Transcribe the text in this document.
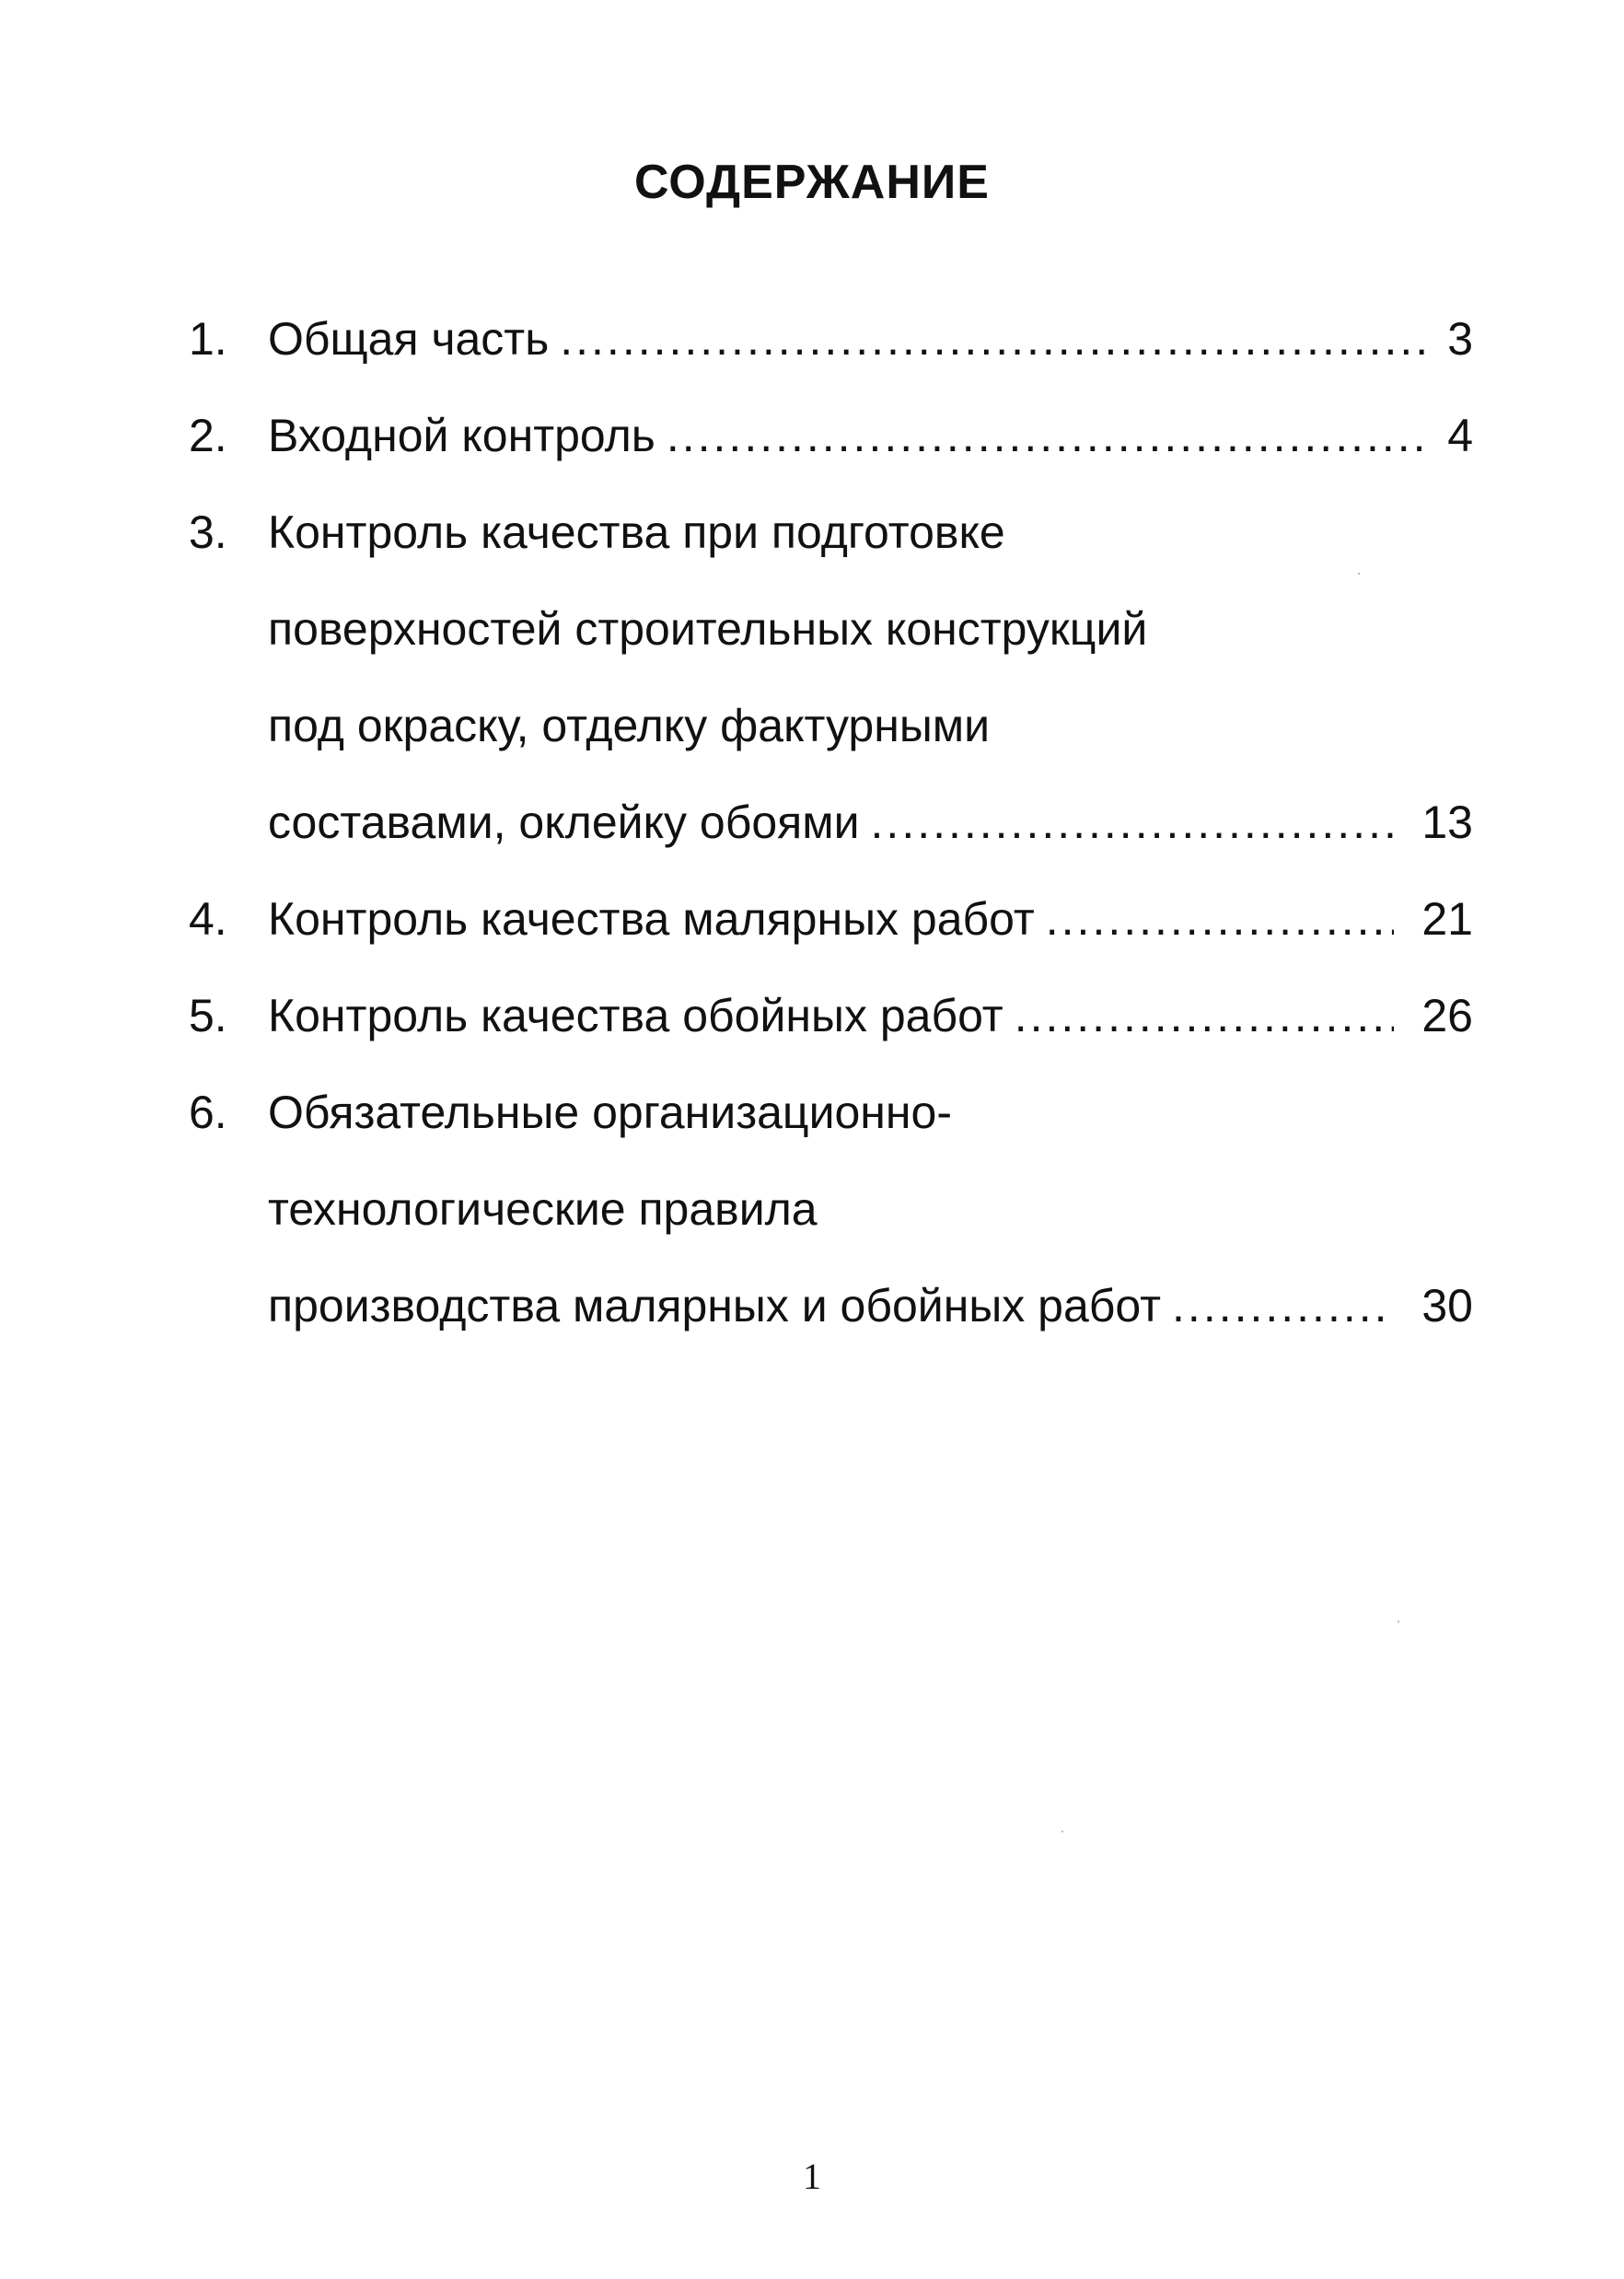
СОДЕРЖАНИЕ
1. Общая часть .....	3
2. Входной контроль .....	4
3. Контроль качества при подготовке
поверхностей строительных конструкций
под окраску, отделку фактурными
составами, оклейку обоями .....	13
4. Контроль качества малярных работ .....	21
5. Контроль качества обойных работ .....	26
6. Обязательные организационно-
технологические правила
производства малярных и обойных работ .....	30
1
